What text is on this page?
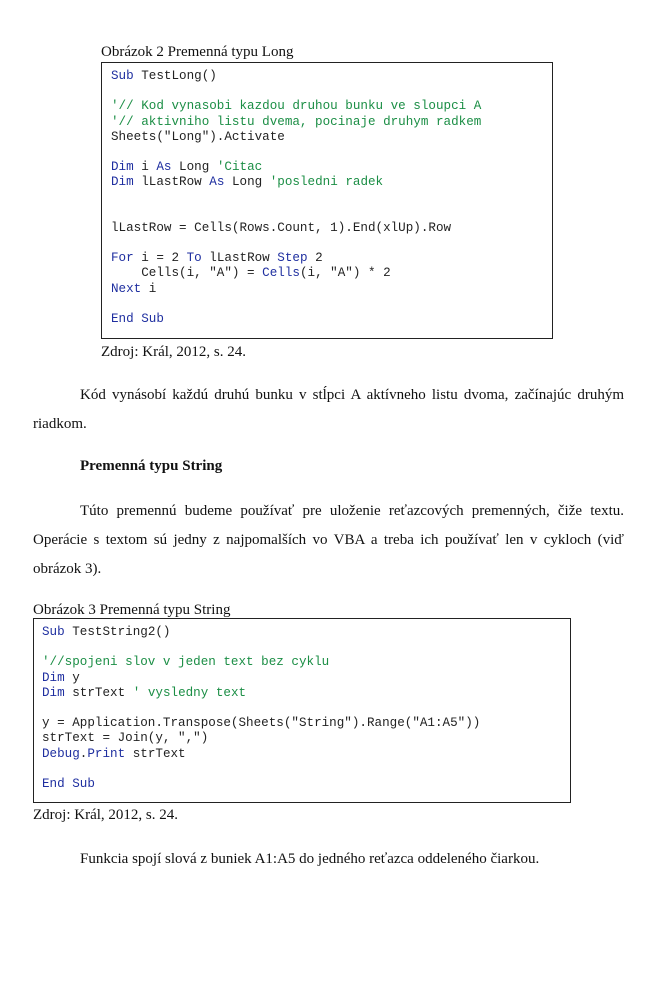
Obrázok 2 Premenná typu Long
Sub TestLong()

'// Kod vynasobi kazdou druhou bunku ve sloupci A
'// aktivniho listu dvema, pocinaje druhym radkem
Sheets("Long").Activate

Dim i As Long 'Citac
Dim lLastRow As Long 'posledni radek

lLastRow = Cells(Rows.Count, 1).End(xlUp).Row

For i = 2 To lLastRow Step 2
Cells(i, "A") = Cells(i, "A") * 2
Next i

End Sub
Zdroj: Král, 2012, s. 24.
Kód vynásobí každú druhú bunku v stĺpci A aktívneho listu dvoma, začínajúc druhým riadkom.
Premenná typu String
Túto premennú budeme používať pre uloženie reťazcových premenných, čiže textu. Operácie s textom sú jedny z najpomalších vo VBA a treba ich používať len v cykloch (viď obrázok 3).
Obrázok 3 Premenná typu String
Sub TestString2()

'//spojeni slov v jeden text bez cyklu
Dim y
Dim strText ' vysledny text

y = Application.Transpose(Sheets("String").Range("A1:A5"))
strText = Join(y, ",")
Debug.Print strText

End Sub
Zdroj: Král, 2012, s. 24.
Funkcia spojí slová z buniek A1:A5 do jedného reťazca oddeleného čiarkou.
